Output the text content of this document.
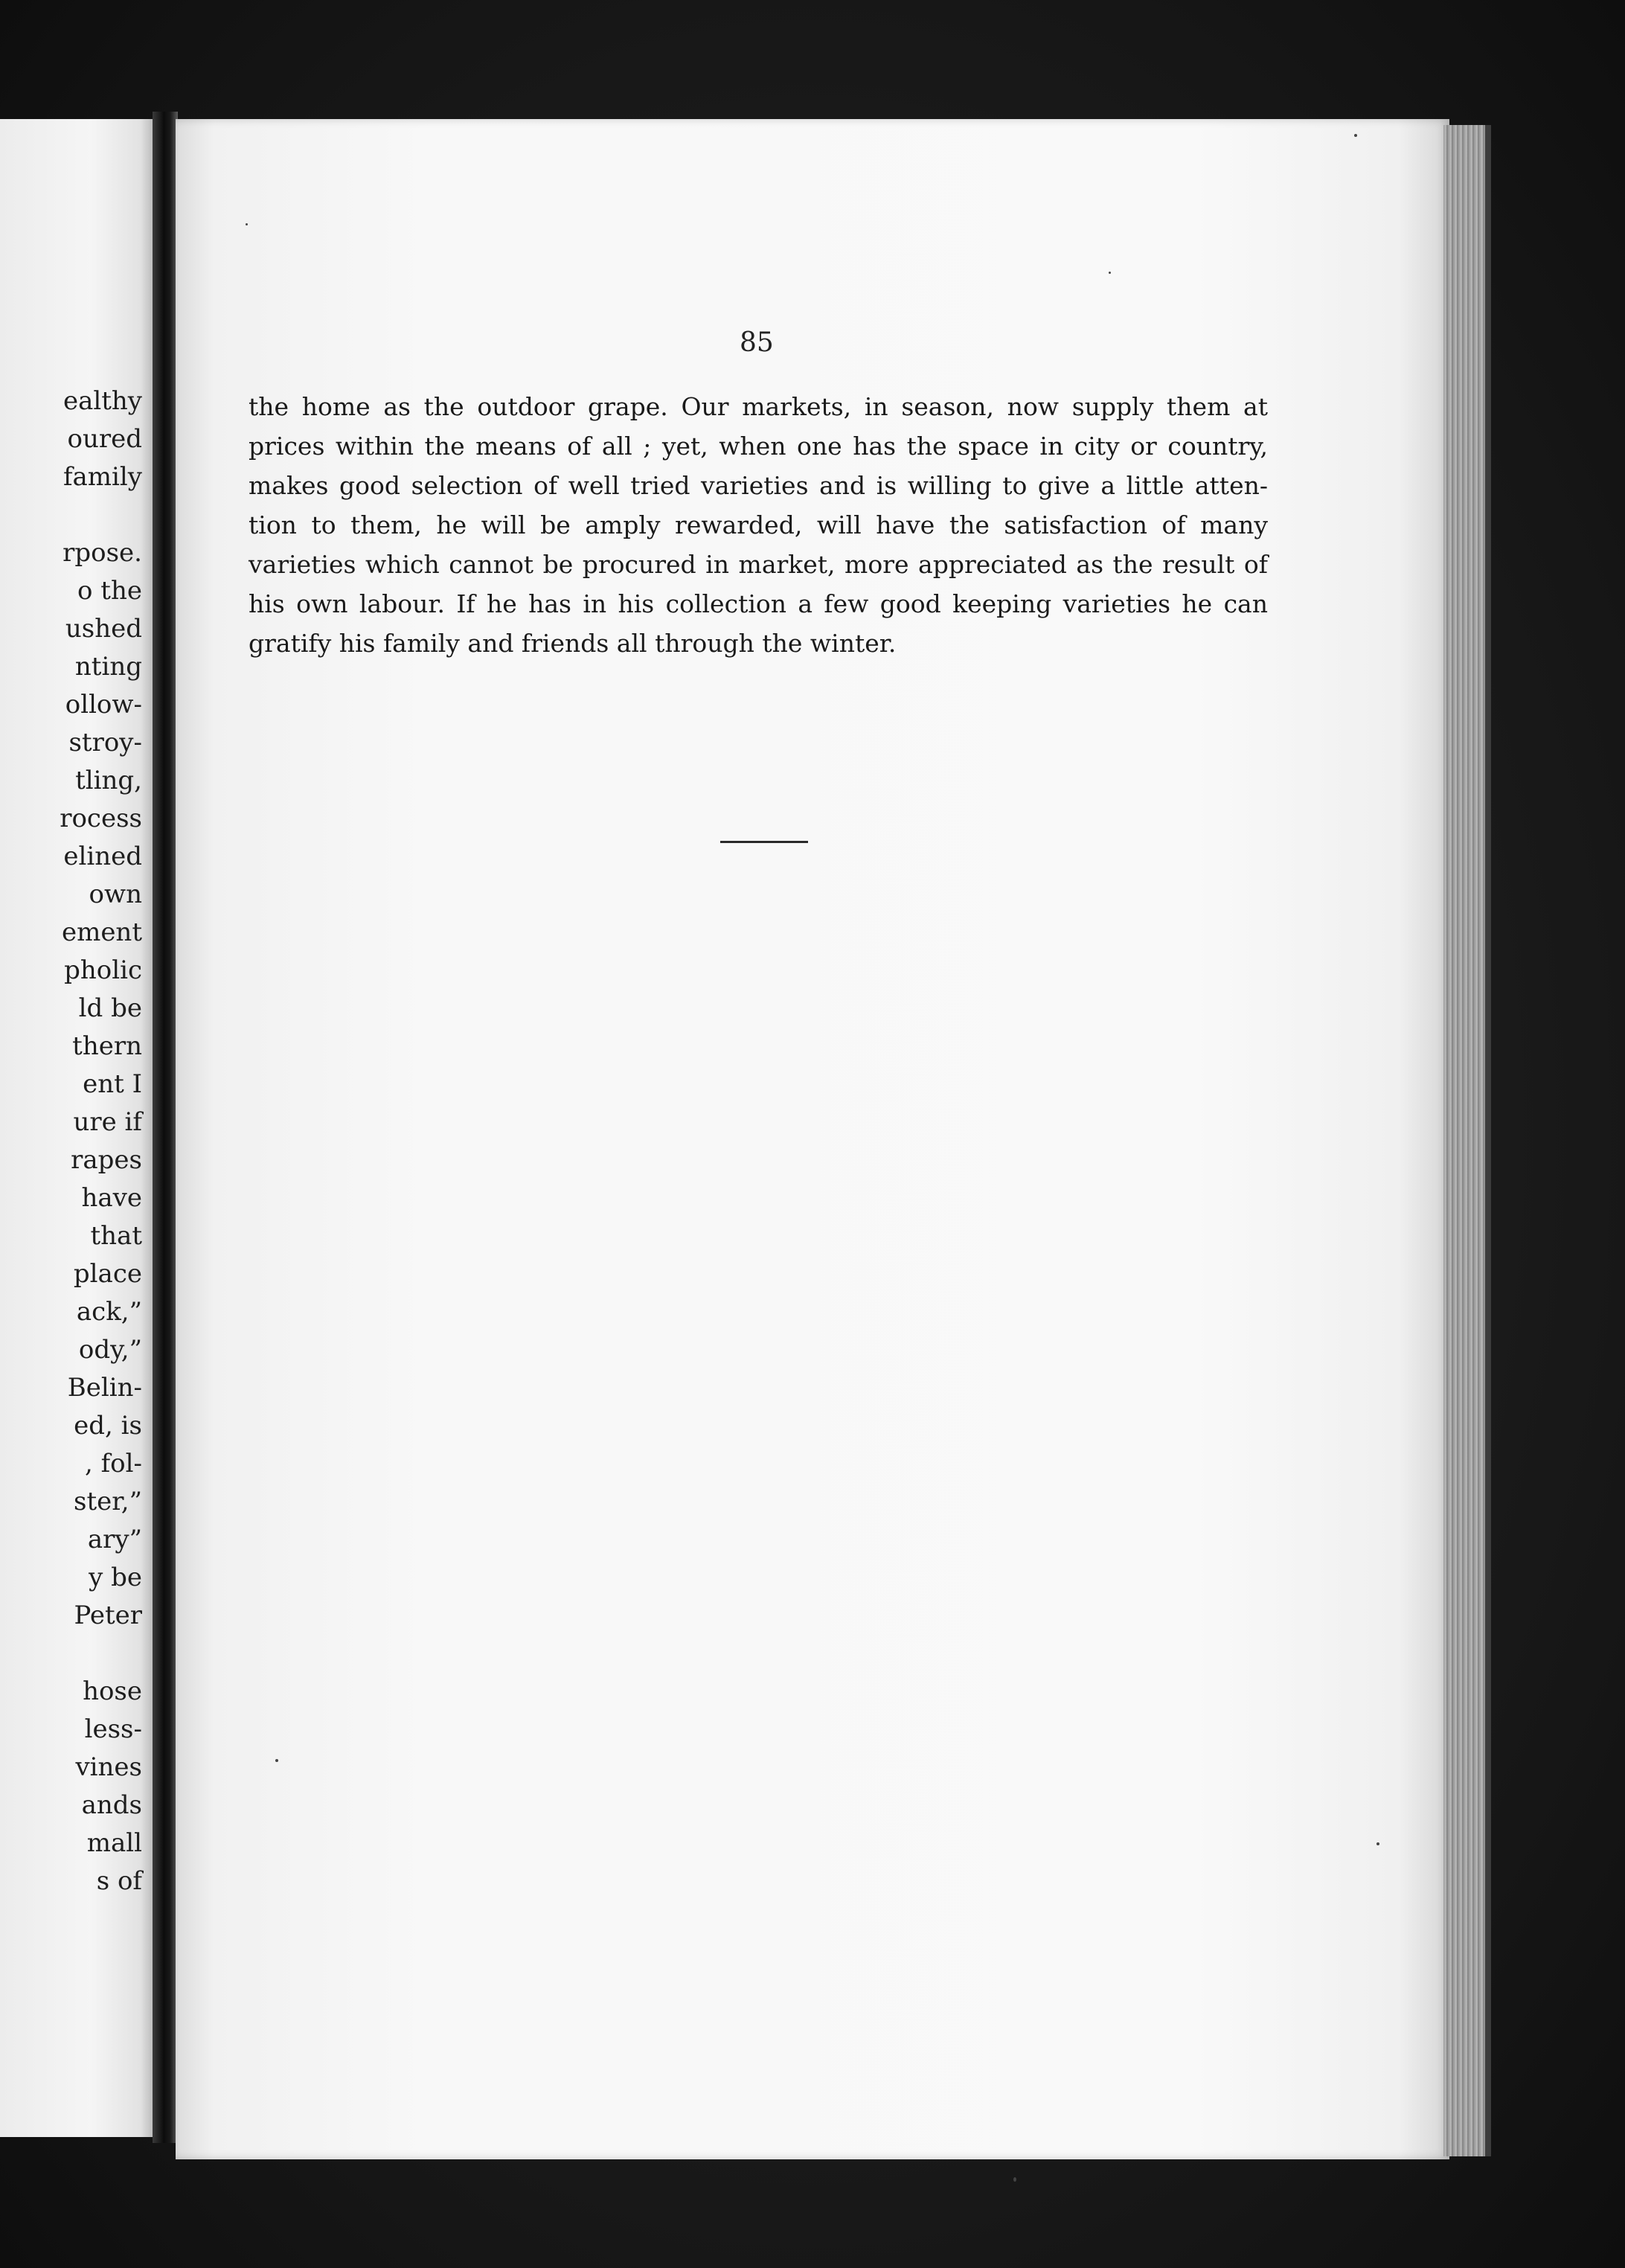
ealthy
oured
family
rpose.
o the
ushed
nting
ollow-
stroy-
tling,
rocess
elined
own
ement
pholic
ld be
thern
ent I
ure if
rapes
have
that
place
ack,”
ody,”
Belin-
ed, is
, fol-
ster,”
ary”
y be
Peter
hose
less-
vines
ands
mall
s of

85

the home as the outdoor grape. Our markets, in season, now supply them at
prices within the means of all ; yet, when one has the space in city or country,
makes good selection of well tried varieties and is willing to give a little atten-
tion to them, he will be amply rewarded, will have the satisfaction of many
varieties which cannot be procured in market, more appreciated as the result of
his own labour. If he has in his collection a few good keeping varieties he can
gratify his family and friends all through the winter.
